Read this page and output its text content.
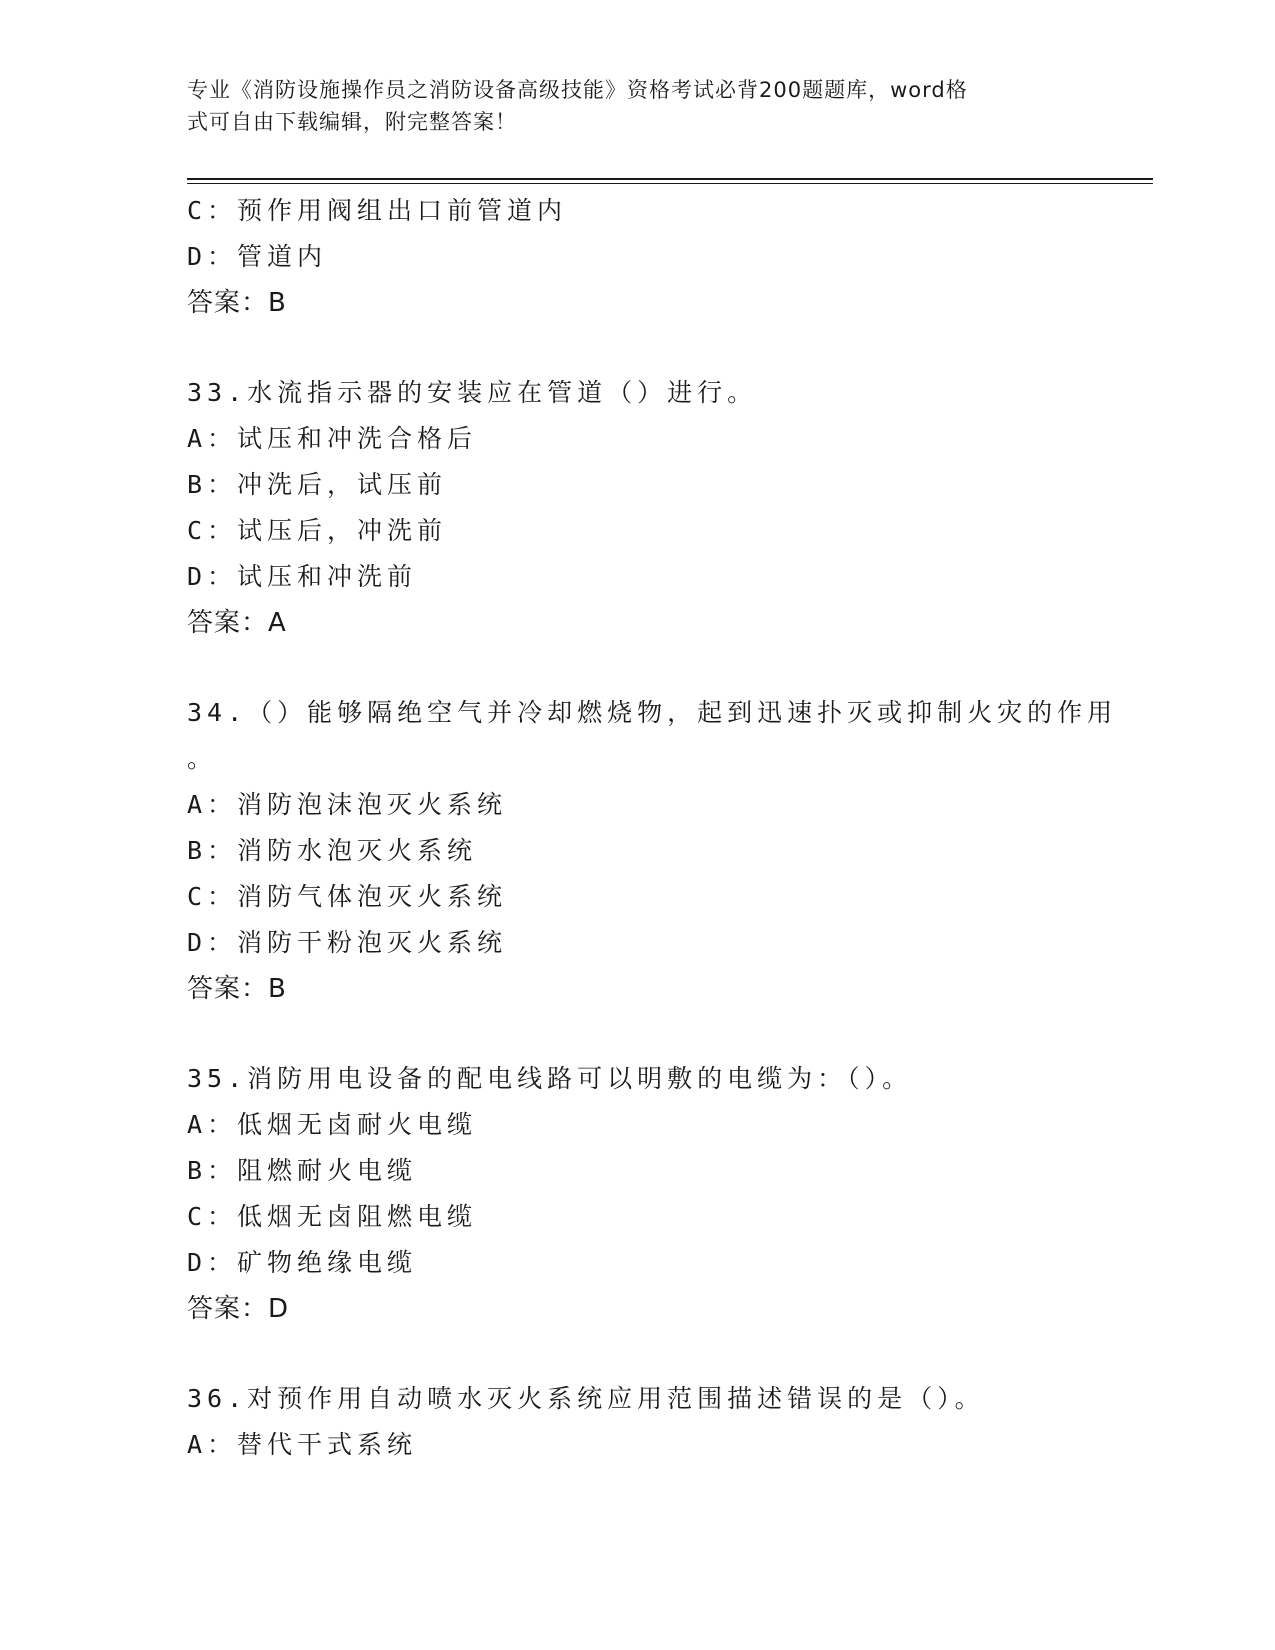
专业《消防设施操作员之消防设备高级技能》资格考试必背200题题库，word格
式可自由下载编辑，附完整答案！
C：预作用阀组出口前管道内
D：管道内
答案：B
33.水流指示器的安装应在管道（）进行。
A：试压和冲洗合格后
B：冲洗后，试压前
C：试压后，冲洗前
D：试压和冲洗前
答案：A
34.（）能够隔绝空气并冷却燃烧物，起到迅速扑灭或抑制火灾的作用
。
A：消防泡沫泡灭火系统
B：消防水泡灭火系统
C：消防气体泡灭火系统
D：消防干粉泡灭火系统
答案：B
35.消防用电设备的配电线路可以明敷的电缆为：（）。
A：低烟无卤耐火电缆
B：阻燃耐火电缆
C：低烟无卤阻燃电缆
D：矿物绝缘电缆
答案：D
36.对预作用自动喷水灭火系统应用范围描述错误的是（）。
A：替代干式系统
